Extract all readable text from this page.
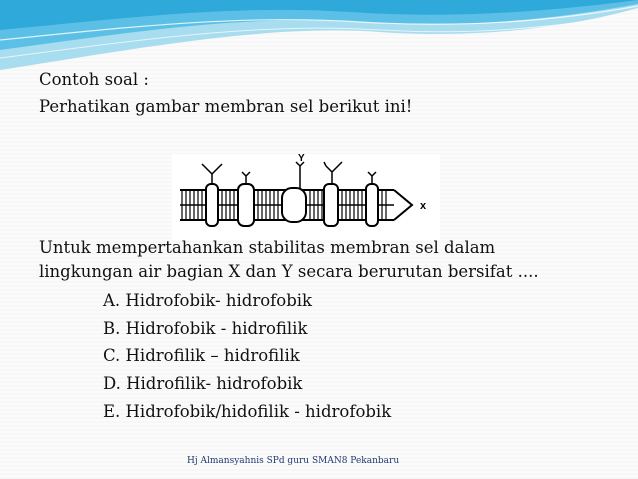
Contoh soal :
Perhatikan gambar membran sel berikut ini!
Y
x
Untuk mempertahankan stabilitas membran sel dalam
lingkungan air bagian X dan Y secara berurutan bersifat ....
A. Hidrofobik- hidrofobik
B. Hidrofobik - hidrofilik
C. Hidrofilik – hidrofilik
D. Hidrofilik- hidrofobik
E. Hidrofobik/hidofilik - hidrofobik
Hj Almansyahnis SPd guru SMAN8 Pekanbaru
